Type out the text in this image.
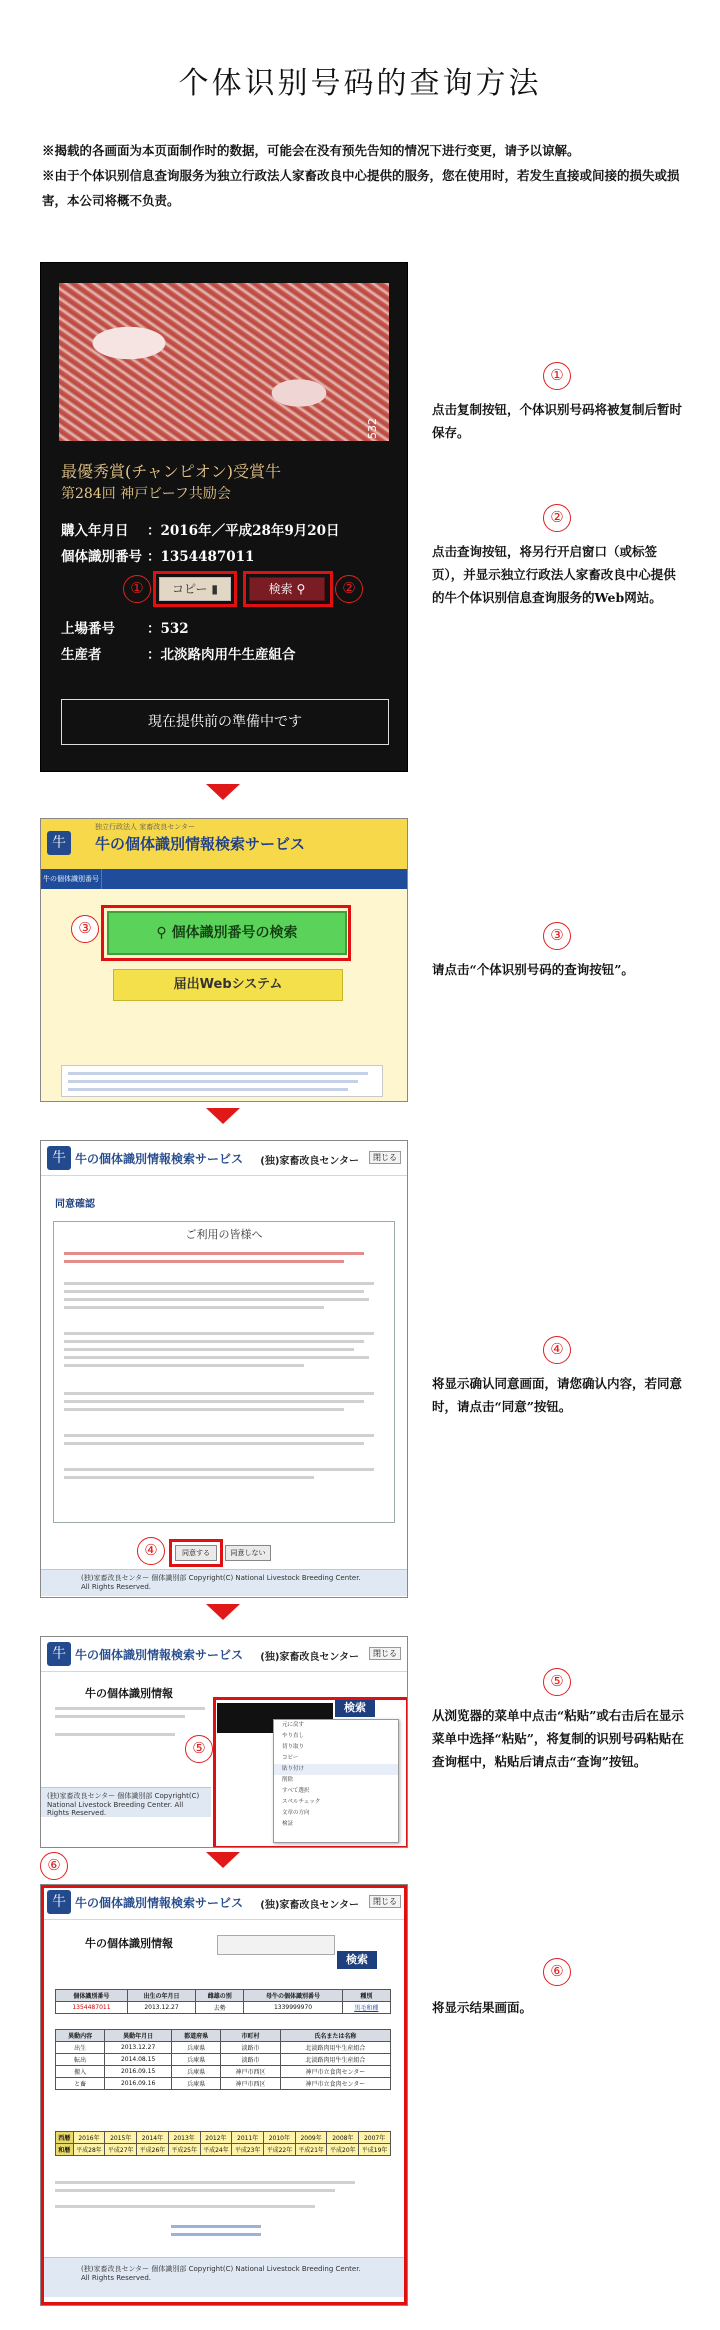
个体识别号码的查询方法

※揭载的各画面为本页面制作时的数据，可能会在没有预先告知的情况下进行变更，请予以谅解。

※由于个体识别信息查询服务为独立行政法人家畜改良中心提供的服务，您在使用时，若发生直接或间接的损失或损害，本公司将概不负责。

532
最優秀賞(チャンピオン)受賞牛
第284回 神戸ビーフ共励会
購入年月日 ：2016年／平成28年9月20日
個体識別番号 ：1354487011
コピー ▮	検索 ⚲
①	②
上場番号 ：532
生産者	：北淡路肉用牛生産組合
現在提供前の準備中です
①
点击复制按钮，个体识别号码将被复制后暂时保存。
②
点击查询按钮，将另行开启窗口（或标签页），并显示独立行政法人家畜改良中心提供的牛个体识别信息查询服务的Web网站。
牛
独立行政法人 家畜改良センター
牛の個体識別情報検索サービス
牛の個体識別番号
⚲ 個体識別番号の検索
届出Webシステム
③	③
请点击“个体识别号码的查询按钮”。
牛 牛の個体識別情報検索サービス (独)家畜改良センター	閉じる
同意確認
ご利用の皆様へ
同意する	同意しない
④
(独)家畜改良センター 個体識別部 Copyright(C) National Livestock Breeding Center. All Rights Reserved.
④
将显示确认同意画面，请您确认内容，若同意时，请点击“同意”按钮。
牛 牛の個体識別情報検索サービス (独)家畜改良センター	閉じる
牛の個体識別情報
検索
元に戻す
やり直し
切り取り
コピー
貼り付け
削除
すべて選択
スペルチェック
文章の方向
検証
⑤
(独)家畜改良センター 個体識別部 Copyright(C) National Livestock Breeding Center. All Rights Reserved.
⑤
从浏览器的菜单中点击“粘贴”或右击后在显示菜单中选择“粘贴”，将复制的识别号码粘贴在查询框中，粘贴后请点击“查询”按钮。
⑥
牛 牛の個体識別情報検索サービス (独)家畜改良センター	閉じる
牛の個体識別情報
検索
個体識別番号	出生の年月日	雌雄の別	母牛の個体識別番号	種別
1354487011	2013.12.27	去勢	1339999970	黒毛和種
異動内容	異動年月日	都道府県	市町村	氏名または名称
出生	2013.12.27	兵庫県	淡路市	北淡路肉用牛生産組合
転出	2014.08.15	兵庫県	淡路市	北淡路肉用牛生産組合
搬入	2016.09.15	兵庫県	神戸市西区	神戸市立食肉センター
と畜	2016.09.16	兵庫県	神戸市西区	神戸市立食肉センター
西暦	2016年	2015年	2014年	2013年	2012年	2011年	2010年	2009年	2008年	2007年
和暦	平成28年	平成27年	平成26年	平成25年	平成24年	平成23年	平成22年	平成21年	平成20年	平成19年
(独)家畜改良センター 個体識別部 Copyright(C) National Livestock Breeding Center. All Rights Reserved.
⑥
将显示结果画面。
